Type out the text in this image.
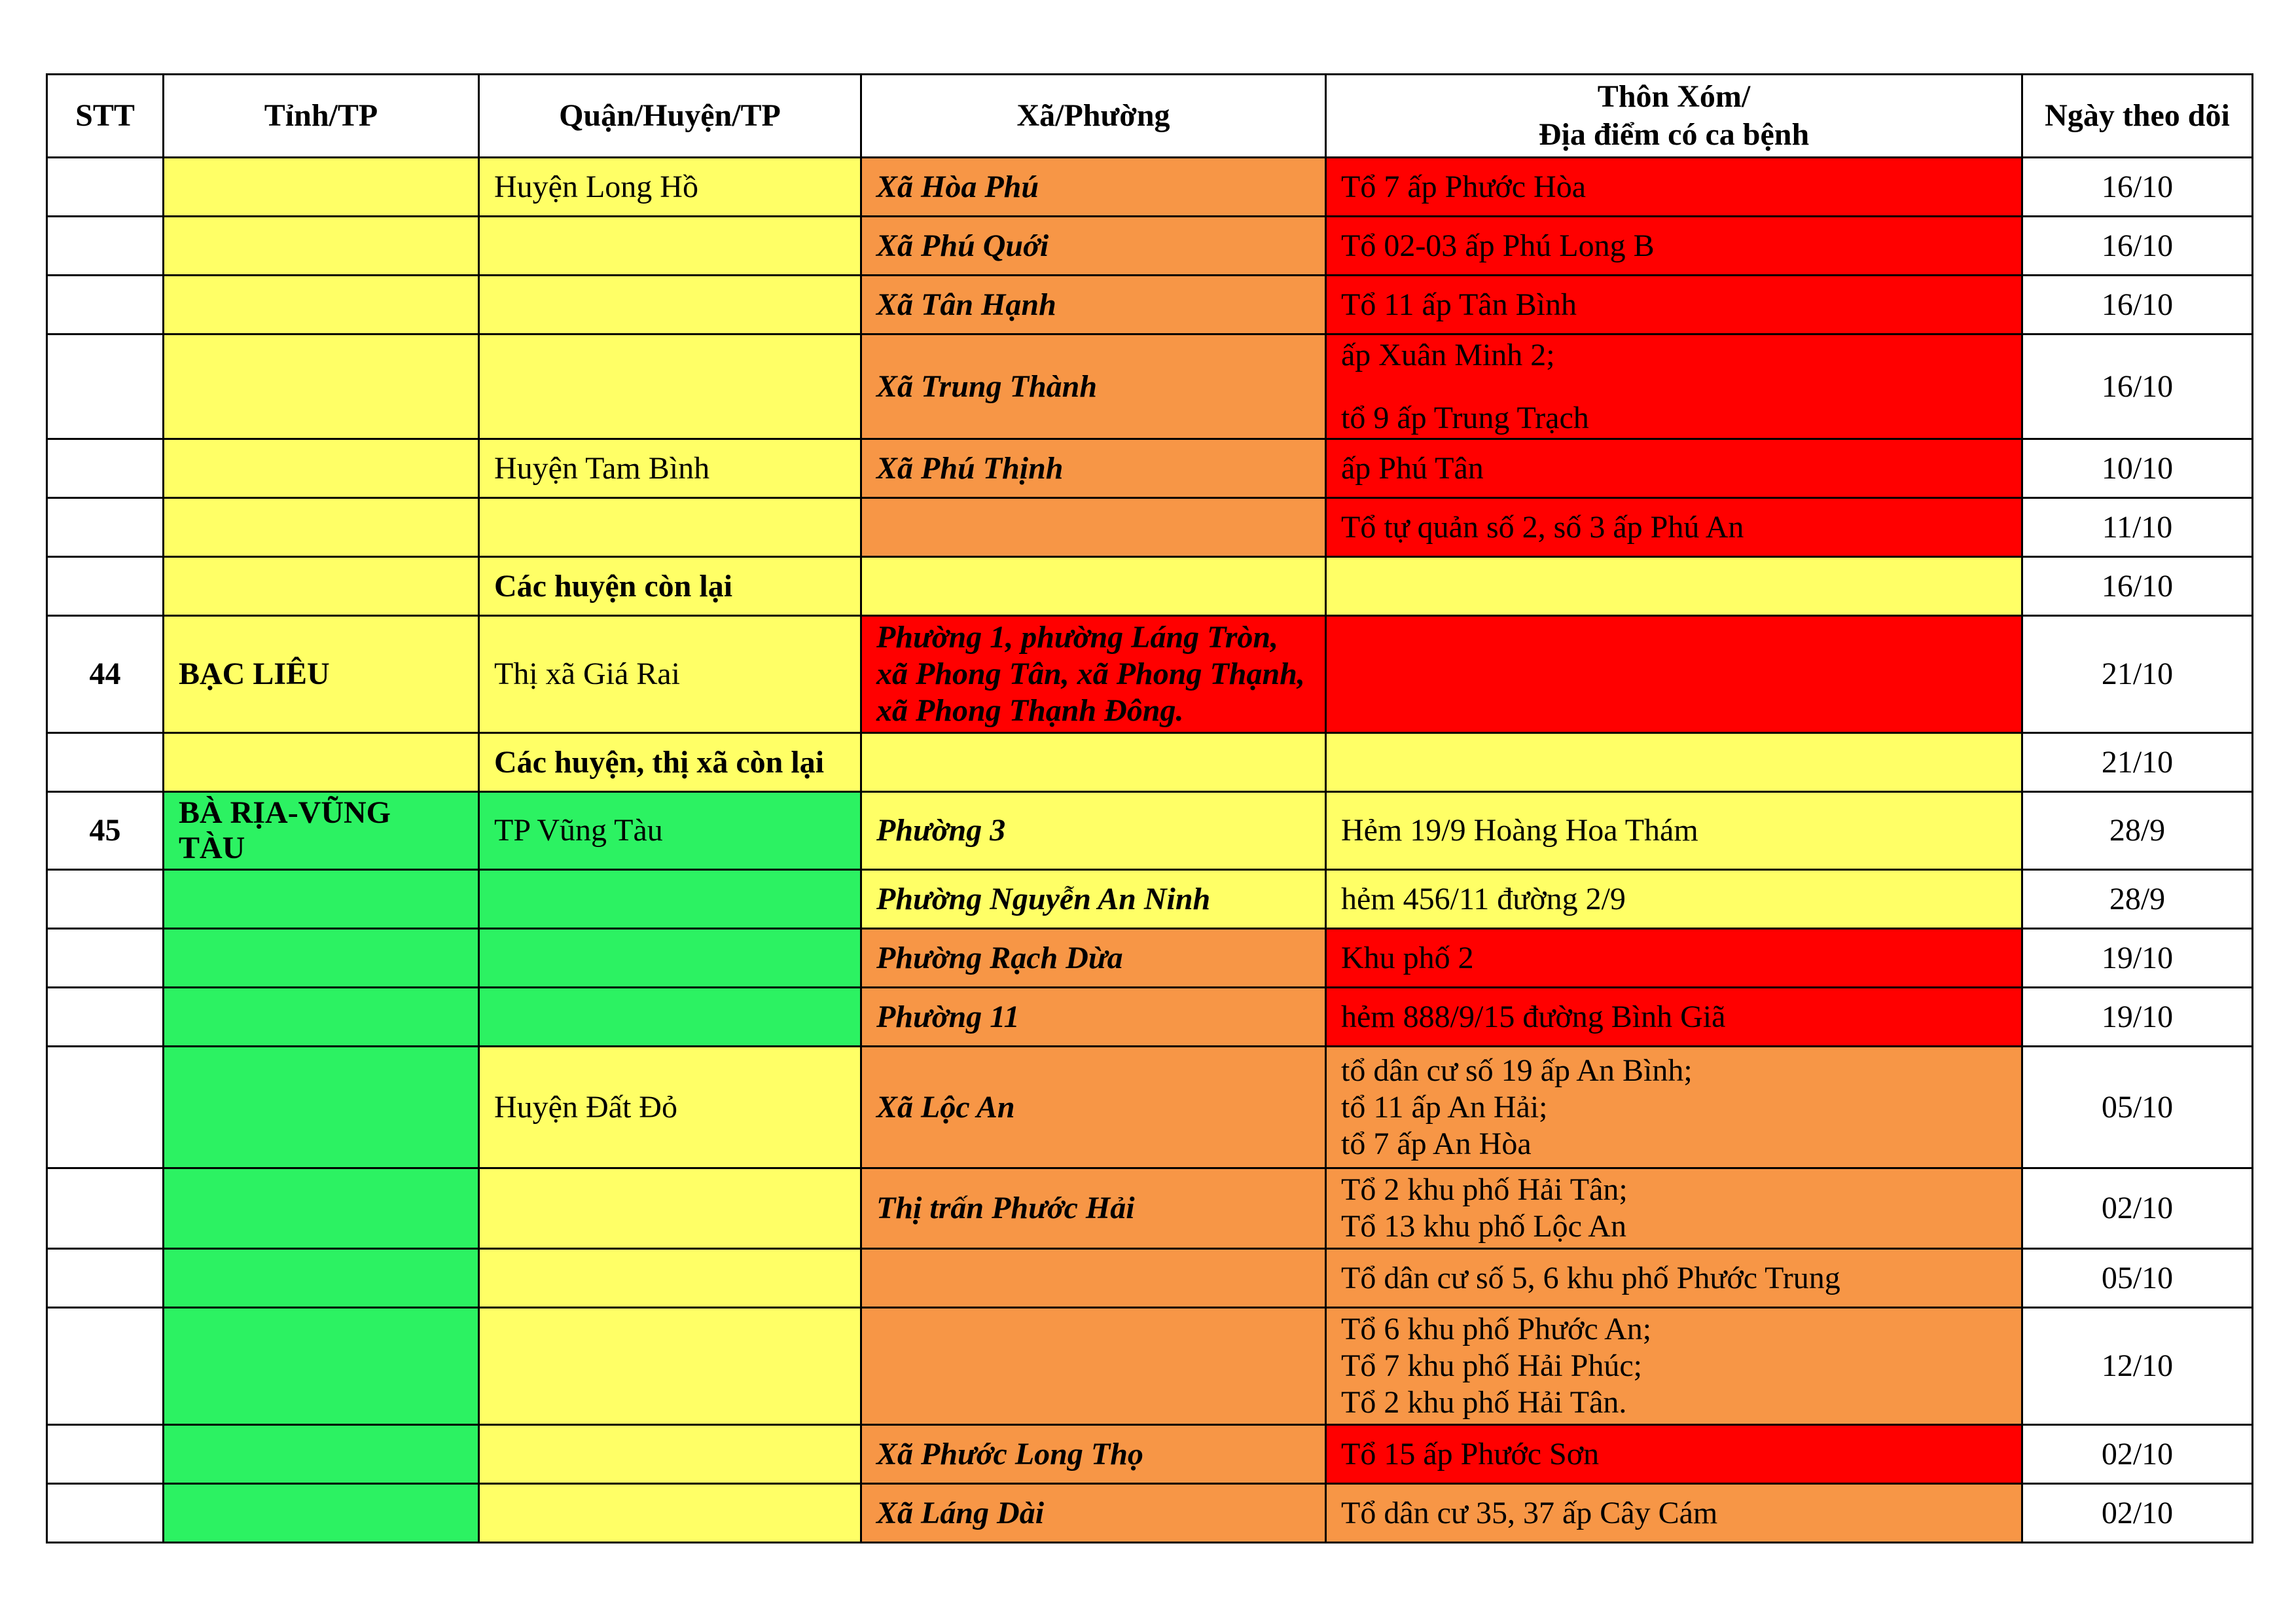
STT	Tỉnh/TP	Quận/Huyện/TP	Xã/Phường	Thôn Xóm/
Địa điểm có ca bệnh	Ngày theo dõi
		Huyện Long Hồ	Xã Hòa Phú	Tổ 7 ấp Phước Hòa	16/10
			Xã Phú Quới	Tổ 02-03 ấp Phú Long B	16/10
			Xã Tân Hạnh	Tổ 11 ấp Tân Bình	16/10
			Xã Trung Thành	ấp Xuân Minh 2;

tổ 9 ấp Trung Trạch	16/10
		Huyện Tam Bình	Xã Phú Thịnh	ấp Phú Tân	10/10
				Tổ tự quản số 2, số 3 ấp Phú An	11/10
		Các huyện còn lại			16/10
44	BẠC LIÊU	Thị xã Giá Rai	Phường 1, phường Láng Tròn, xã Phong Tân, xã Phong Thạnh, xã Phong Thạnh Đông.		21/10
		Các huyện, thị xã còn lại			21/10
45	BÀ RỊA-VŨNG TÀU	TP Vũng Tàu	Phường 3	Hẻm 19/9 Hoàng Hoa Thám	28/9
			Phường Nguyễn An Ninh	hẻm 456/11 đường 2/9	28/9
			Phường Rạch Dừa	Khu phố 2	19/10
			Phường 11	hẻm 888/9/15 đường Bình Giã	19/10
		Huyện Đất Đỏ	Xã Lộc An	tổ dân cư số 19 ấp An Bình;
tổ 11 ấp An Hải;
tổ 7 ấp An Hòa	05/10
			Thị trấn Phước Hải	Tổ 2 khu phố Hải Tân;
Tổ 13 khu phố Lộc An	02/10
				Tổ dân cư số 5, 6 khu phố Phước Trung	05/10
				Tổ 6 khu phố Phước An;
Tổ 7 khu phố Hải Phúc;
Tổ 2 khu phố Hải Tân.	12/10
			Xã Phước Long Thọ	Tổ 15 ấp Phước Sơn	02/10
			Xã Láng Dài	Tổ dân cư 35, 37 ấp Cây Cám	02/10
